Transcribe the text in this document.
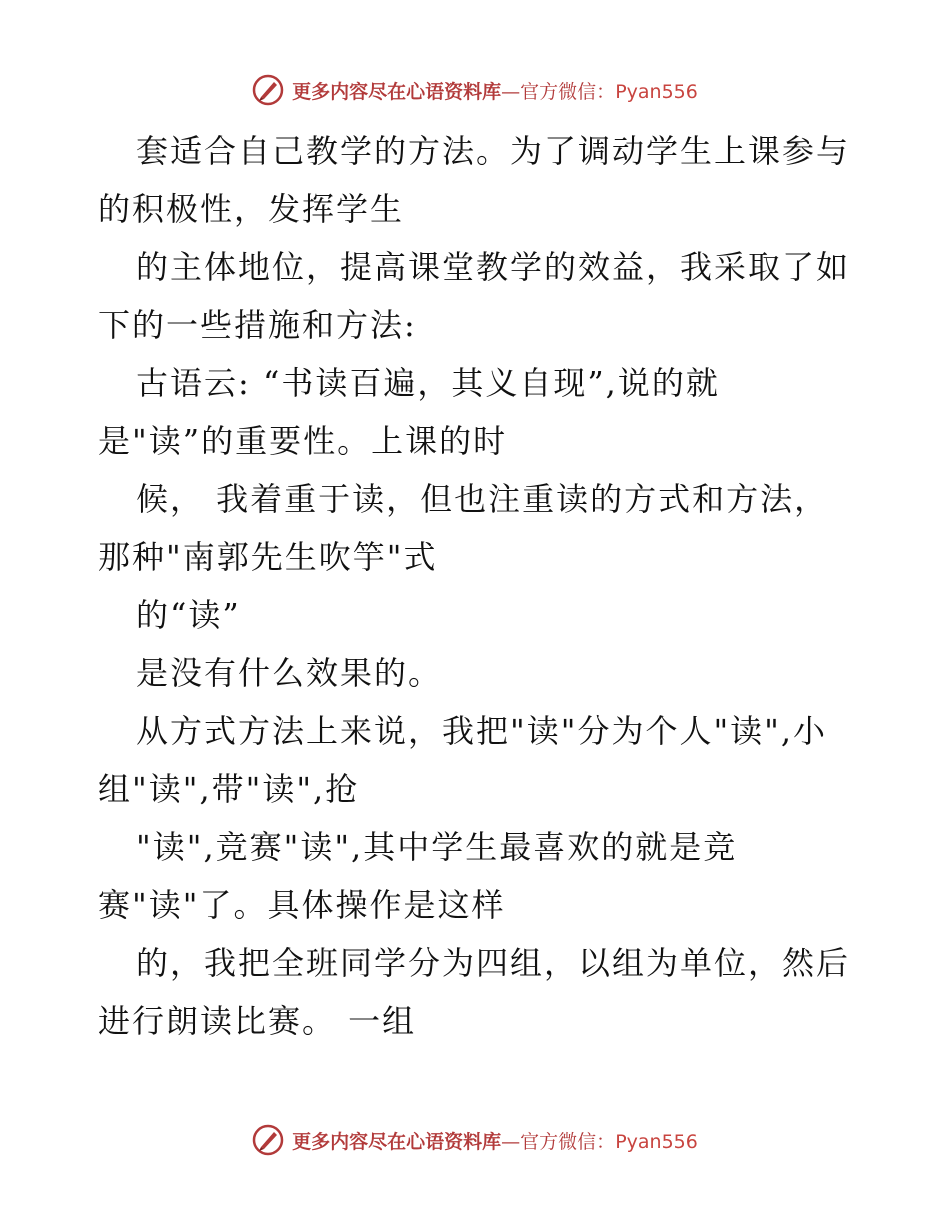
更多内容尽在心语资料库—官方微信：Pyan556
套适合自己教学的方法。为了调动学生上课参与
的积极性，发挥学生
的主体地位，提高课堂教学的效益，我采取了如
下的一些措施和方法:
古语云: “书读百遍，其义自现”,说的就
是"读”的重要性。上课的时
候， 我着重于读，但也注重读的方式和方法，
那种"南郭先生吹竽"式
的“读”
是没有什么效果的。
从方式方法上来说，我把"读"分为个人"读",小
组"读",带"读",抢
"读",竞赛"读",其中学生最喜欢的就是竞
赛"读"了。具体操作是这样
的，我把全班同学分为四组，以组为单位，然后
进行朗读比赛。 一组
更多内容尽在心语资料库—官方微信：Pyan556
